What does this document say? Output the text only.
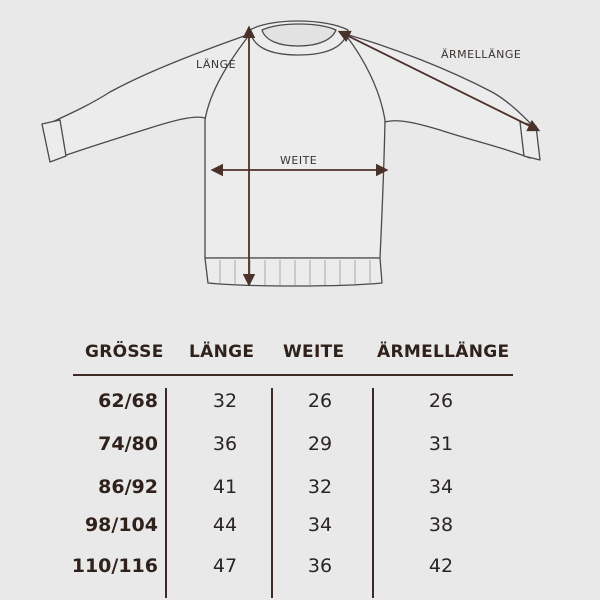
LÄNGE
WEITE
ÄRMELLÄNGE
GRÖSSE LÄNGE WEITE ÄRMELLÄNGE
62/68	32	26	26
74/80	36	29	31
86/92	41	32	34
98/104	44	34	38
110/116	47	36	42
